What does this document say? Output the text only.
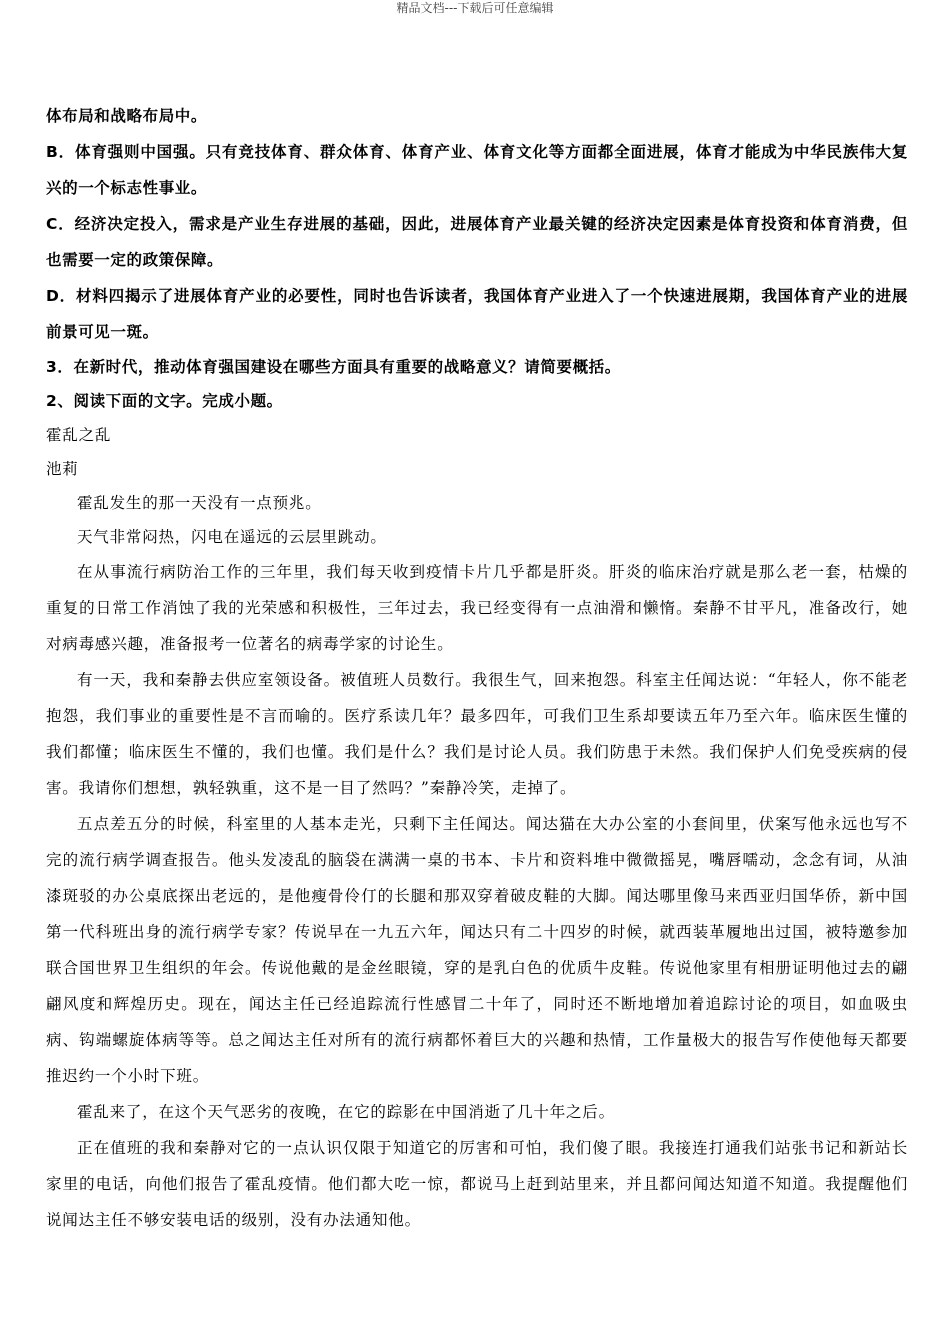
精品文档---下载后可任意编辑

体布局和战略布局中。

B．体育强则中国强。只有竞技体育、群众体育、体育产业、体育文化等方面都全面进展，体育才能成为中华民族伟大复兴的一个标志性事业。

C．经济决定投入，需求是产业生存进展的基础，因此，进展体育产业最关键的经济决定因素是体育投资和体育消费，但也需要一定的政策保障。

D．材料四揭示了进展体育产业的必要性，同时也告诉读者，我国体育产业进入了一个快速进展期，我国体育产业的进展前景可见一斑。

3．在新时代，推动体育强国建设在哪些方面具有重要的战略意义？请简要概括。

2、阅读下面的文字。完成小题。

霍乱之乱

池莉

霍乱发生的那一天没有一点预兆。

天气非常闷热，闪电在遥远的云层里跳动。

在从事流行病防治工作的三年里，我们每天收到疫情卡片几乎都是肝炎。肝炎的临床治疗就是那么老一套，枯燥的重复的日常工作消蚀了我的光荣感和积极性，三年过去，我已经变得有一点油滑和懒惰。秦静不甘平凡，准备改行，她对病毒感兴趣，准备报考一位著名的病毒学家的讨论生。

有一天，我和秦静去供应室领设备。被值班人员数行。我很生气，回来抱怨。科室主任闻达说：“年轻人，你不能老抱怨，我们事业的重要性是不言而喻的。医疗系读几年？最多四年，可我们卫生系却要读五年乃至六年。临床医生懂的我们都懂；临床医生不懂的，我们也懂。我们是什么？我们是讨论人员。我们防患于未然。我们保护人们免受疾病的侵害。我请你们想想，孰轻孰重，这不是一目了然吗？”秦静冷笑，走掉了。

五点差五分的时候，科室里的人基本走光，只剩下主任闻达。闻达猫在大办公室的小套间里，伏案写他永远也写不完的流行病学调查报告。他头发凌乱的脑袋在满满一桌的书本、卡片和资料堆中微微摇晃，嘴唇嚅动，念念有词，从油漆斑驳的办公桌底探出老远的，是他瘦骨伶仃的长腿和那双穿着破皮鞋的大脚。闻达哪里像马来西亚归国华侨，新中国第一代科班出身的流行病学专家？传说早在一九五六年，闻达只有二十四岁的时候，就西装革履地出过国，被特邀参加联合国世界卫生组织的年会。传说他戴的是金丝眼镜，穿的是乳白色的优质牛皮鞋。传说他家里有相册证明他过去的翩翩风度和辉煌历史。现在，闻达主任已经追踪流行性感冒二十年了，同时还不断地增加着追踪讨论的项目，如血吸虫病、钩端螺旋体病等等。总之闻达主任对所有的流行病都怀着巨大的兴趣和热情，工作量极大的报告写作使他每天都要推迟约一个小时下班。

霍乱来了，在这个天气恶劣的夜晚，在它的踪影在中国消逝了几十年之后。

正在值班的我和秦静对它的一点认识仅限于知道它的厉害和可怕，我们傻了眼。我接连打通我们站张书记和新站长家里的电话，向他们报告了霍乱疫情。他们都大吃一惊，都说马上赶到站里来，并且都问闻达知道不知道。我提醒他们说闻达主任不够安装电话的级别，没有办法通知他。
